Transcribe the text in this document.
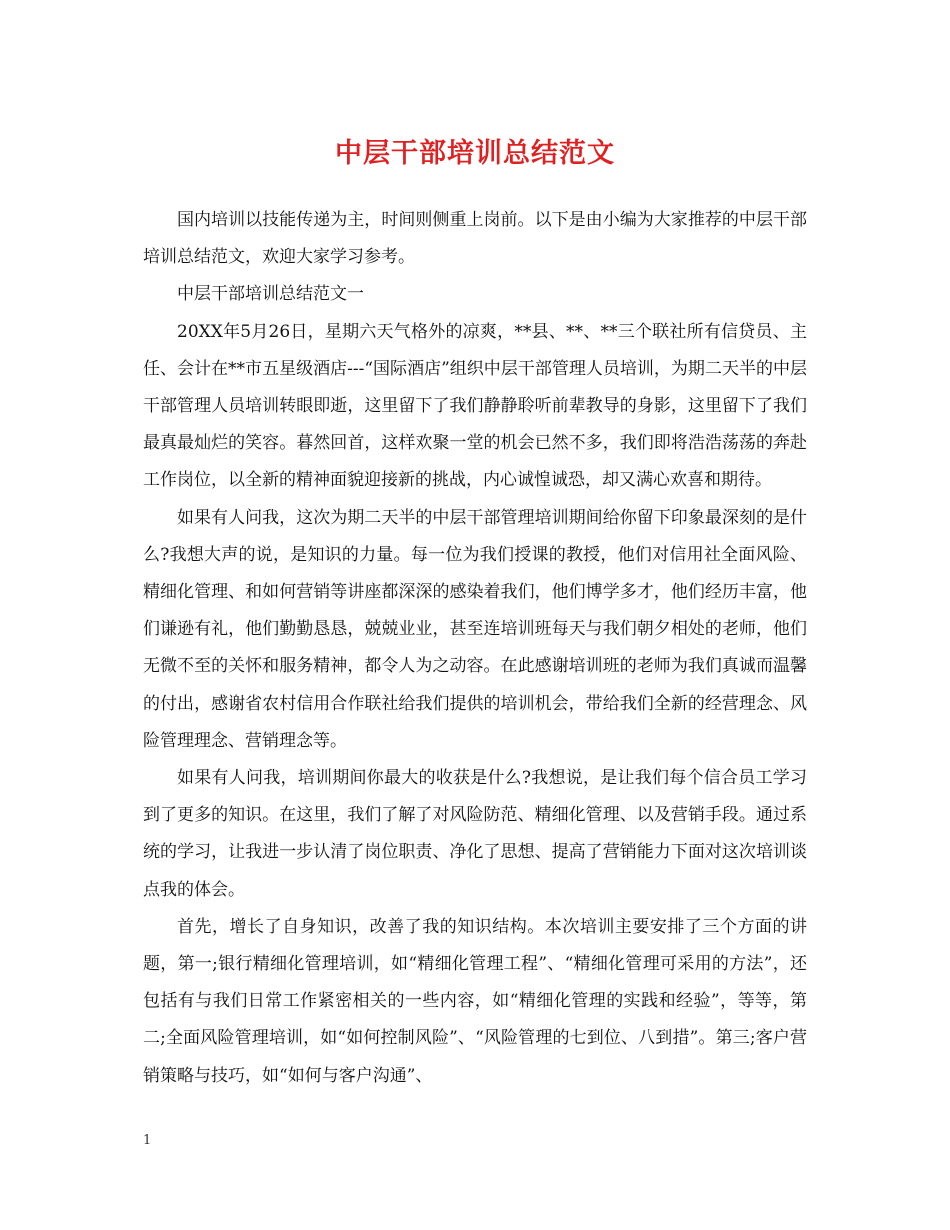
中层干部培训总结范文

国内培训以技能传递为主，时间则侧重上岗前。以下是由小编为大家推荐的中层干部培训总结范文，欢迎大家学习参考。

中层干部培训总结范文一

20XX年5月26日，星期六天气格外的凉爽，**县、**、**三个联社所有信贷员、主任、会计在**市五星级酒店---“国际酒店”组织中层干部管理人员培训，为期二天半的中层干部管理人员培训转眼即逝，这里留下了我们静静聆听前辈教导的身影，这里留下了我们最真最灿烂的笑容。暮然回首，这样欢聚一堂的机会已然不多，我们即将浩浩荡荡的奔赴工作岗位，以全新的精神面貌迎接新的挑战，内心诚惶诚恐，却又满心欢喜和期待。

如果有人问我，这次为期二天半的中层干部管理培训期间给你留下印象最深刻的是什么?我想大声的说，是知识的力量。每一位为我们授课的教授，他们对信用社全面风险、精细化管理、和如何营销等讲座都深深的感染着我们，他们博学多才，他们经历丰富，他们谦逊有礼，他们勤勤恳恳，兢兢业业，甚至连培训班每天与我们朝夕相处的老师，他们无微不至的关怀和服务精神，都令人为之动容。在此感谢培训班的老师为我们真诚而温馨的付出，感谢省农村信用合作联社给我们提供的培训机会，带给我们全新的经营理念、风险管理理念、营销理念等。

如果有人问我，培训期间你最大的收获是什么?我想说，是让我们每个信合员工学习到了更多的知识。在这里，我们了解了对风险防范、精细化管理、以及营销手段。通过系统的学习，让我进一步认清了岗位职责、净化了思想、提高了营销能力下面对这次培训谈点我的体会。

首先，增长了自身知识，改善了我的知识结构。本次培训主要安排了三个方面的讲题，第一;银行精细化管理培训，如“精细化管理工程”、“精细化管理可采用的方法”，还包括有与我们日常工作紧密相关的一些内容，如“精细化管理的实践和经验”，等等，第二;全面风险管理培训，如“如何控制风险”、“风险管理的七到位、八到措”。第三;客户营销策略与技巧，如“如何与客户沟通”、

1
